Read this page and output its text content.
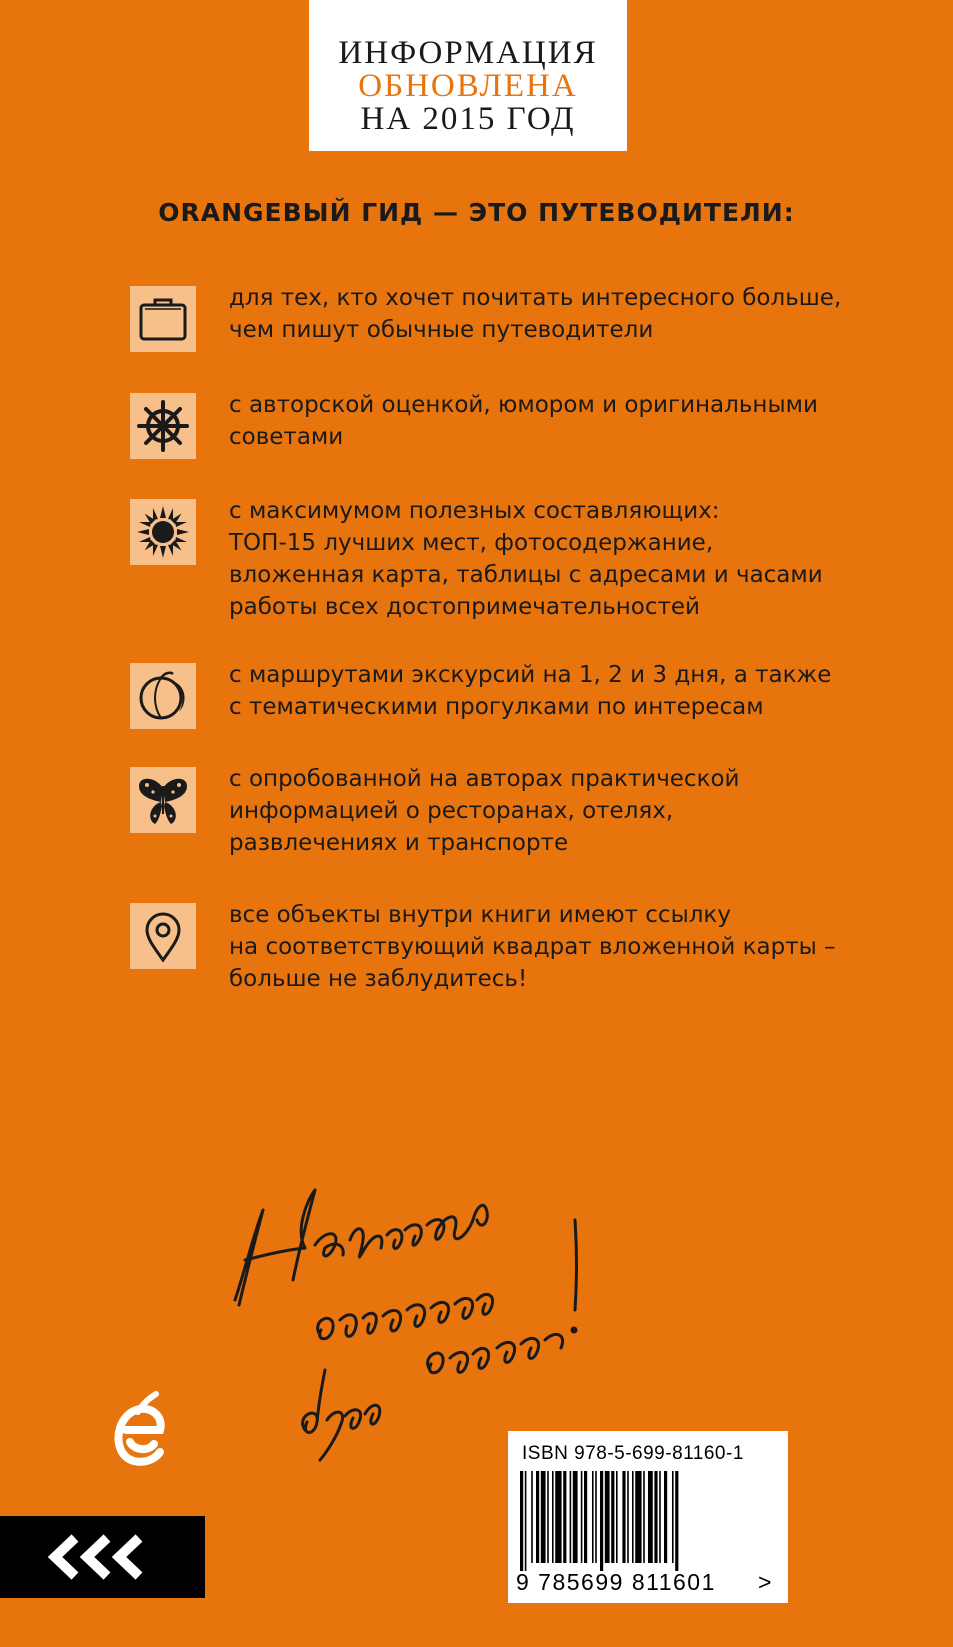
ИНФОРМАЦИЯ
ОБНОВЛЕНА
НА 2015 ГОД
ORANGEВЫЙ ГИД — ЭТО ПУТЕВОДИТЕЛИ:
для тех, кто хочет почитать интересного больше,
чем пишут обычные путеводители
с авторской оценкой, юмором и оригинальными
советами
с максимумом полезных составляющих:
ТОП-15 лучших мест, фотосодержание,
вложенная карта, таблицы с адресами и часами
работы всех достопримечательностей
с маршрутами экскурсий на 1, 2 и 3 дня, а также
с тематическими прогулками по интересам
с опробованной на авторах практической
информацией о ресторанах, отелях,
развлечениях и транспорте
все объекты внутри книги имеют ссылку
на соответствующий квадрат вложенной карты –
больше не заблудитесь!
ISBN 978-5-699-81160-1
9 785699 811601 >
